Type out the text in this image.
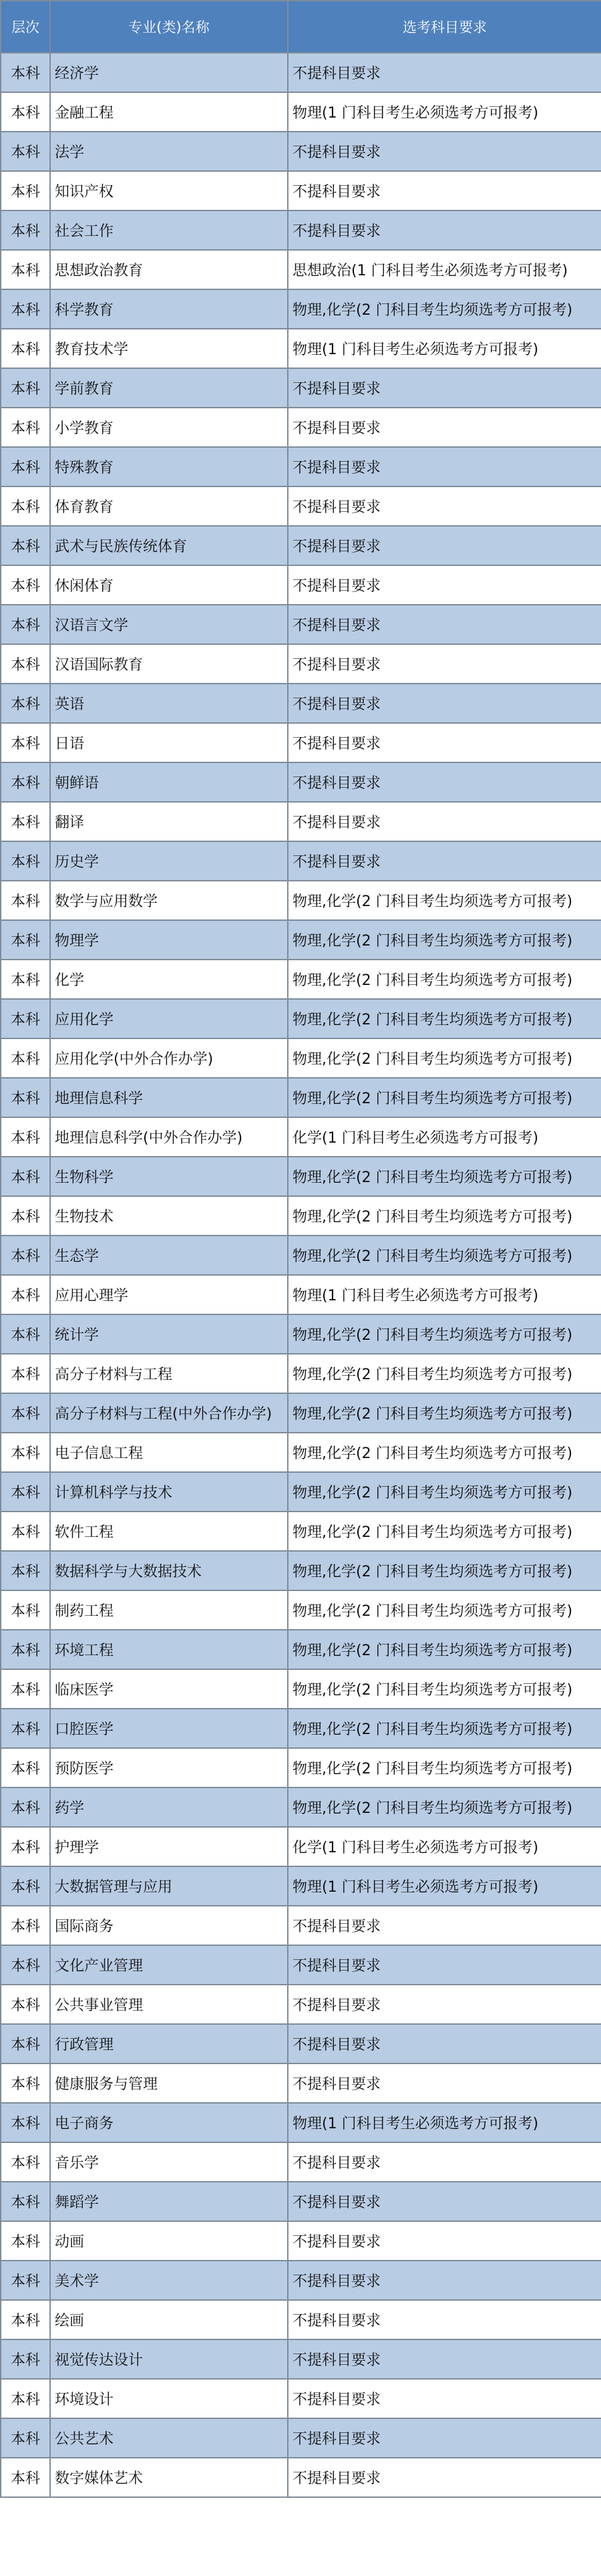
层次	专业(类)名称	选考科目要求
本科	经济学	不提科目要求
本科	金融工程	物理(1 门科目考生必须选考方可报考)
本科	法学	不提科目要求
本科	知识产权	不提科目要求
本科	社会工作	不提科目要求
本科	思想政治教育	思想政治(1 门科目考生必须选考方可报考)
本科	科学教育	物理,化学(2 门科目考生均须选考方可报考)
本科	教育技术学	物理(1 门科目考生必须选考方可报考)
本科	学前教育	不提科目要求
本科	小学教育	不提科目要求
本科	特殊教育	不提科目要求
本科	体育教育	不提科目要求
本科	武术与民族传统体育	不提科目要求
本科	休闲体育	不提科目要求
本科	汉语言文学	不提科目要求
本科	汉语国际教育	不提科目要求
本科	英语	不提科目要求
本科	日语	不提科目要求
本科	朝鲜语	不提科目要求
本科	翻译	不提科目要求
本科	历史学	不提科目要求
本科	数学与应用数学	物理,化学(2 门科目考生均须选考方可报考)
本科	物理学	物理,化学(2 门科目考生均须选考方可报考)
本科	化学	物理,化学(2 门科目考生均须选考方可报考)
本科	应用化学	物理,化学(2 门科目考生均须选考方可报考)
本科	应用化学(中外合作办学)	物理,化学(2 门科目考生均须选考方可报考)
本科	地理信息科学	物理,化学(2 门科目考生均须选考方可报考)
本科	地理信息科学(中外合作办学)	化学(1 门科目考生必须选考方可报考)
本科	生物科学	物理,化学(2 门科目考生均须选考方可报考)
本科	生物技术	物理,化学(2 门科目考生均须选考方可报考)
本科	生态学	物理,化学(2 门科目考生均须选考方可报考)
本科	应用心理学	物理(1 门科目考生必须选考方可报考)
本科	统计学	物理,化学(2 门科目考生均须选考方可报考)
本科	高分子材料与工程	物理,化学(2 门科目考生均须选考方可报考)
本科	高分子材料与工程(中外合作办学)	物理,化学(2 门科目考生均须选考方可报考)
本科	电子信息工程	物理,化学(2 门科目考生均须选考方可报考)
本科	计算机科学与技术	物理,化学(2 门科目考生均须选考方可报考)
本科	软件工程	物理,化学(2 门科目考生均须选考方可报考)
本科	数据科学与大数据技术	物理,化学(2 门科目考生均须选考方可报考)
本科	制药工程	物理,化学(2 门科目考生均须选考方可报考)
本科	环境工程	物理,化学(2 门科目考生均须选考方可报考)
本科	临床医学	物理,化学(2 门科目考生均须选考方可报考)
本科	口腔医学	物理,化学(2 门科目考生均须选考方可报考)
本科	预防医学	物理,化学(2 门科目考生均须选考方可报考)
本科	药学	物理,化学(2 门科目考生均须选考方可报考)
本科	护理学	化学(1 门科目考生必须选考方可报考)
本科	大数据管理与应用	物理(1 门科目考生必须选考方可报考)
本科	国际商务	不提科目要求
本科	文化产业管理	不提科目要求
本科	公共事业管理	不提科目要求
本科	行政管理	不提科目要求
本科	健康服务与管理	不提科目要求
本科	电子商务	物理(1 门科目考生必须选考方可报考)
本科	音乐学	不提科目要求
本科	舞蹈学	不提科目要求
本科	动画	不提科目要求
本科	美术学	不提科目要求
本科	绘画	不提科目要求
本科	视觉传达设计	不提科目要求
本科	环境设计	不提科目要求
本科	公共艺术	不提科目要求
本科	数字媒体艺术	不提科目要求
